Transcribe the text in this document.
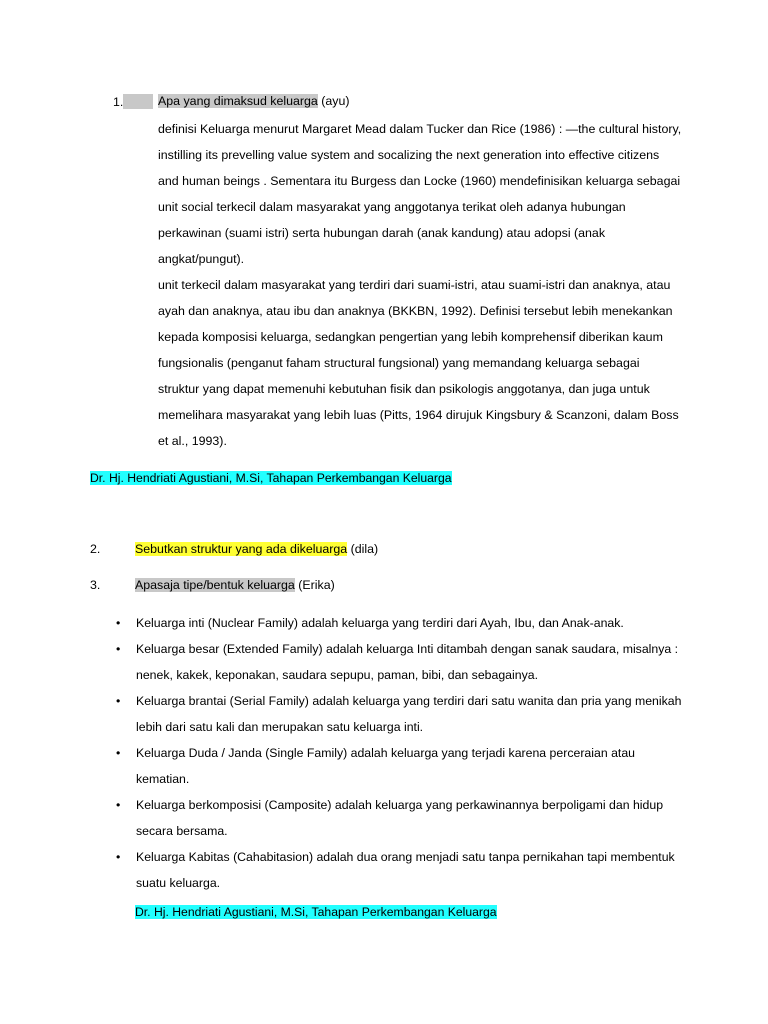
1.	Apa yang dimaksud keluarga (ayu)

definisi Keluarga menurut Margaret Mead dalam Tucker dan Rice (1986) : —the cultural history, instilling its prevelling value system and socalizing the next generation into effective citizens and human beings . Sementara itu Burgess dan Locke (1960) mendefinisikan keluarga sebagai unit social terkecil dalam masyarakat yang anggotanya terikat oleh adanya hubungan perkawinan (suami istri) serta hubungan darah (anak kandung) atau adopsi (anak angkat/pungut).

unit terkecil dalam masyarakat yang terdiri dari suami-istri, atau suami-istri dan anaknya, atau ayah dan anaknya, atau ibu dan anaknya (BKKBN, 1992). Definisi tersebut lebih menekankan kepada komposisi keluarga, sedangkan pengertian yang lebih komprehensif diberikan kaum fungsionalis (penganut faham structural fungsional) yang memandang keluarga sebagai struktur yang dapat memenuhi kebutuhan fisik dan psikologis anggotanya, dan juga untuk memelihara masyarakat yang lebih luas (Pitts, 1964 dirujuk Kingsbury & Scanzoni, dalam Boss et al., 1993).

Dr. Hj. Hendriati Agustiani, M.Si, Tahapan Perkembangan Keluarga
2.	Sebutkan struktur yang ada dikeluarga (dila)
3.	Apasaja tipe/bentuk keluarga (Erika)
• Keluarga inti (Nuclear Family) adalah keluarga yang terdiri dari Ayah, Ibu, dan Anak-anak.
• Keluarga besar (Extended Family) adalah keluarga Inti ditambah dengan sanak saudara, misalnya : nenek, kakek, keponakan, saudara sepupu, paman, bibi, dan sebagainya.
• Keluarga brantai (Serial Family) adalah keluarga yang terdiri dari satu wanita dan pria yang menikah lebih dari satu kali dan merupakan satu keluarga inti.
• Keluarga Duda / Janda (Single Family) adalah keluarga yang terjadi karena perceraian atau kematian.
• Keluarga berkomposisi (Camposite) adalah keluarga yang perkawinannya berpoligami dan hidup secara bersama.
• Keluarga Kabitas (Cahabitasion) adalah dua orang menjadi satu tanpa pernikahan tapi membentuk suatu keluarga.
Dr. Hj. Hendriati Agustiani, M.Si, Tahapan Perkembangan Keluarga
